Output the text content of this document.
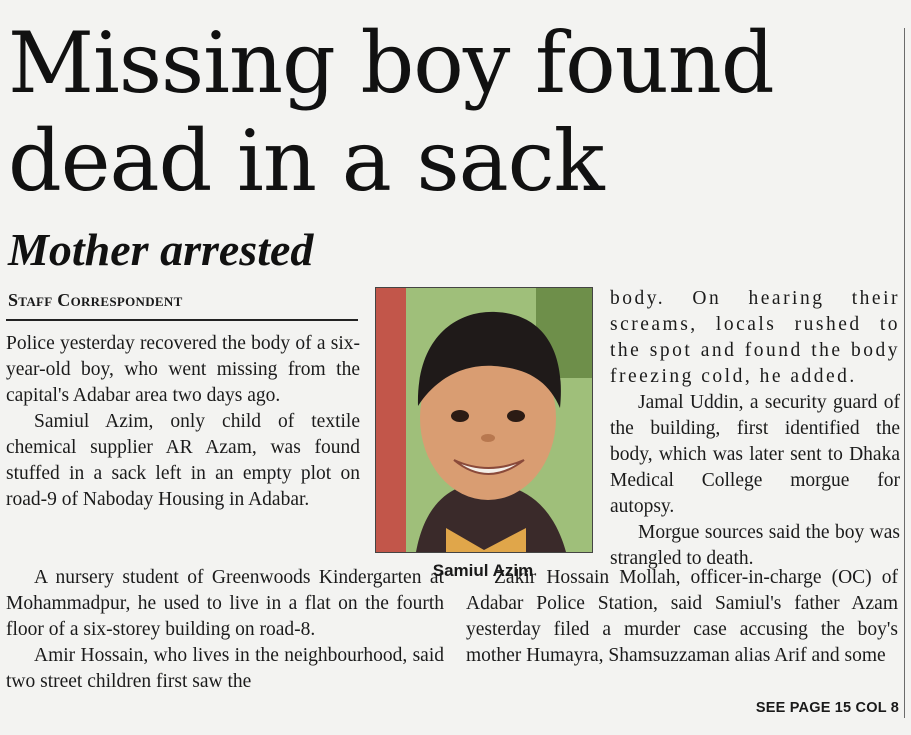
Missing boy found dead in a sack
Mother arrested
Staff Correspondent

Police yesterday recovered the body of a six-year-old boy, who went missing from the capital's Adabar area two days ago.

Samiul Azim, only child of textile chemical supplier AR Azam, was found stuffed in a sack left in an empty plot on road-9 of Naboday Housing in Adabar.

Samiul Azim

A nursery student of Greenwoods Kindergarten at Mohammadpur, he used to live in a flat on the fourth floor of a six-storey building on road-8.

Amir Hossain, who lives in the neighbourhood, said two street children first saw the

body. On hearing their screams, locals rushed to the spot and found the body freezing cold, he added.

Jamal Uddin, a security guard of the building, first identified the body, which was later sent to Dhaka Medical College morgue for autopsy.

Morgue sources said the boy was strangled to death.

Zakir Hossain Mollah, officer-in-charge (OC) of Adabar Police Station, said Samiul's father Azam yesterday filed a murder case accusing the boy's mother Humayra, Shamsuzzaman alias Arif and some

SEE PAGE 15 COL 8
